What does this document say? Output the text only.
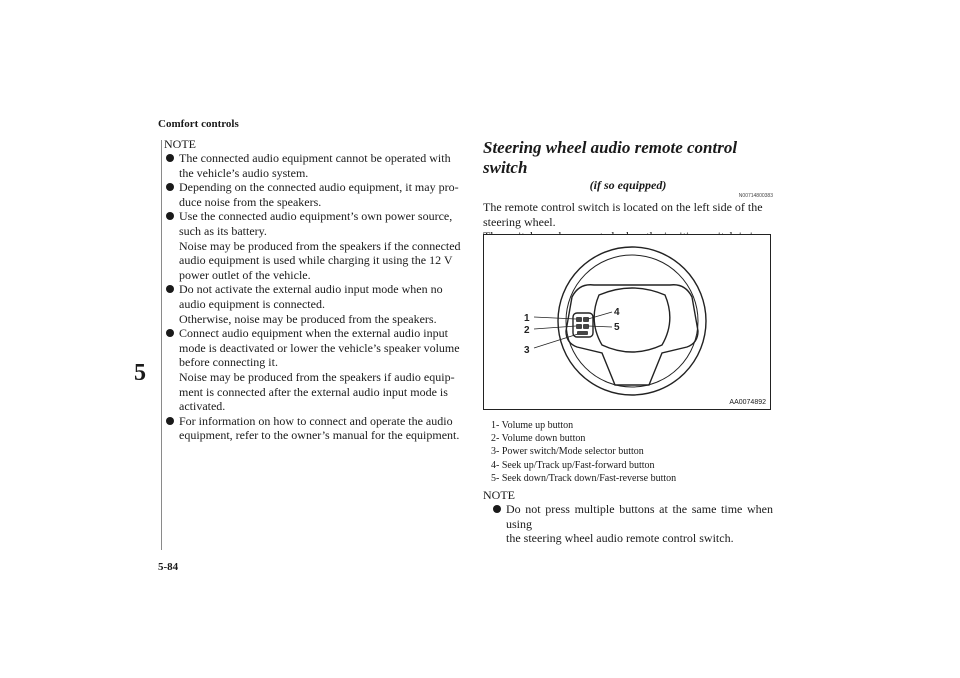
Comfort controls
5
5-84
NOTE
The connected audio equipment cannot be operated with
the vehicle’s audio system.
Depending on the connected audio equipment, it may pro-
duce noise from the speakers.
Use the connected audio equipment’s own power source,
such as its battery.
Noise may be produced from the speakers if the connected
audio equipment is used while charging it using the 12 V
power outlet of the vehicle.
Do not activate the external audio input mode when no
audio equipment is connected.
Otherwise, noise may be produced from the speakers.
Connect audio equipment when the external audio input
mode is deactivated or lower the vehicle’s speaker volume
before connecting it.
Noise may be produced from the speakers if audio equip-
ment is connected after the external audio input mode is
activated.
For information on how to connect and operate the audio
equipment, refer to the owner’s manual for the equipment.
Steering wheel audio remote control switch
(if so equipped)
N00714800383

The remote control switch is located on the left side of the
steering wheel.

1
2
3
4
5
AA0074892
1- Volume up button
2- Volume down button
3- Power switch/Mode selector button
4- Seek up/Track up/Fast-forward button
5- Seek down/Track down/Fast-reverse button
NOTE
Do not press multiple buttons at the same time when using
the steering wheel audio remote control switch.
